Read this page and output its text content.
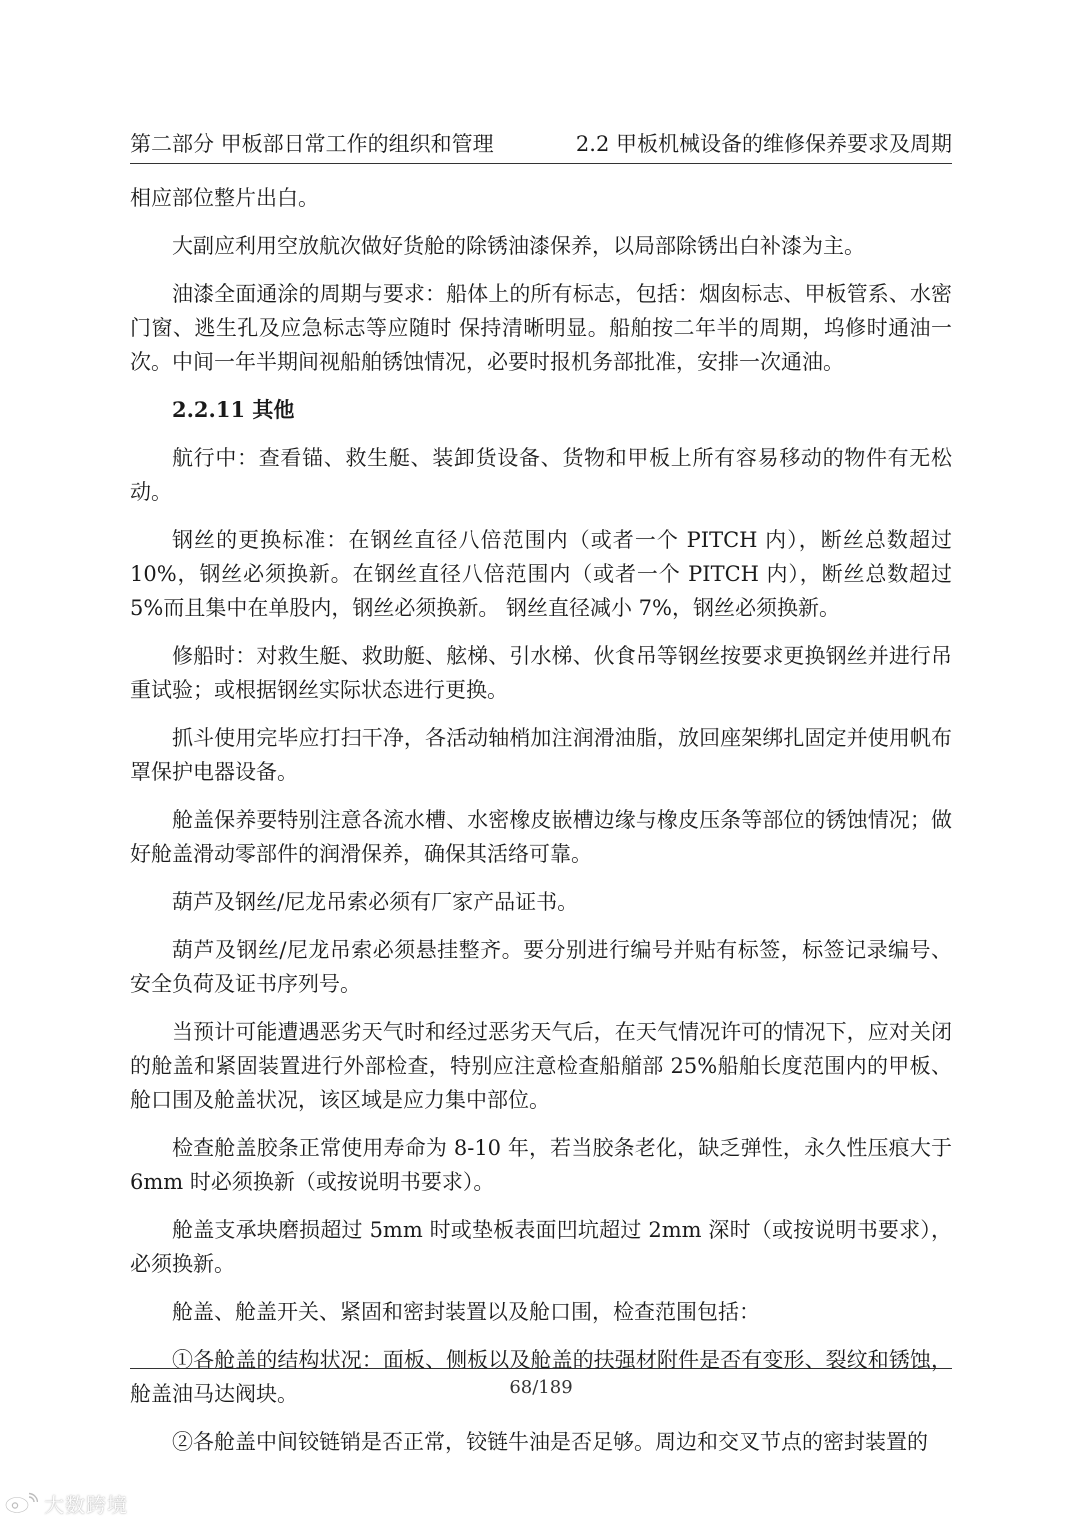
第二部分 甲板部日常工作的组织和管理	2.2 甲板机械设备的维修保养要求及周期

相应部位整片出白。

大副应利用空放航次做好货舱的除锈油漆保养，以局部除锈出白补漆为主。

油漆全面通涂的周期与要求：船体上的所有标志，包括：烟囱标志、甲板管系、水密门窗、逃生孔及应急标志等应随时 保持清晰明显。船舶按二年半的周期，坞修时通油一次。中间一年半期间视船舶锈蚀情况，必要时报机务部批准，安排一次通油。

2.2.11 其他

航行中：查看锚、救生艇、装卸货设备、货物和甲板上所有容易移动的物件有无松动。

钢丝的更换标准：在钢丝直径八倍范围内（或者一个 PITCH 内），断丝总数超过10%，钢丝必须换新。在钢丝直径八倍范围内（或者一个 PITCH 内），断丝总数超过5%而且集中在单股内，钢丝必须换新。 钢丝直径减小 7%，钢丝必须换新。

修船时：对救生艇、救助艇、舷梯、引水梯、伙食吊等钢丝按要求更换钢丝并进行吊重试验；或根据钢丝实际状态进行更换。

抓斗使用完毕应打扫干净，各活动轴梢加注润滑油脂，放回座架绑扎固定并使用帆布罩保护电器设备。

舱盖保养要特别注意各流水槽、水密橡皮嵌槽边缘与橡皮压条等部位的锈蚀情况；做好舱盖滑动零部件的润滑保养，确保其活络可靠。

葫芦及钢丝/尼龙吊索必须有厂家产品证书。

葫芦及钢丝/尼龙吊索必须悬挂整齐。要分别进行编号并贴有标签，标签记录编号、安全负荷及证书序列号。

当预计可能遭遇恶劣天气时和经过恶劣天气后，在天气情况许可的情况下，应对关闭的舱盖和紧固装置进行外部检查，特别应注意检查船艏部 25%船舶长度范围内的甲板、舱口围及舱盖状况，该区域是应力集中部位。

检查舱盖胶条正常使用寿命为 8-10 年，若当胶条老化，缺乏弹性，永久性压痕大于 6mm 时必须换新（或按说明书要求）。

舱盖支承块磨损超过 5mm 时或垫板表面凹坑超过 2mm 深时（或按说明书要求），必须换新。

舱盖、舱盖开关、紧固和密封装置以及舱口围，检查范围包括：

①各舱盖的结构状况：面板、侧板以及舱盖的扶强材附件是否有变形、裂纹和锈蚀，舱盖油马达阀块。

②各舱盖中间铰链销是否正常，铰链牛油是否足够。周边和交叉节点的密封装置的

68/189
大数跨境
